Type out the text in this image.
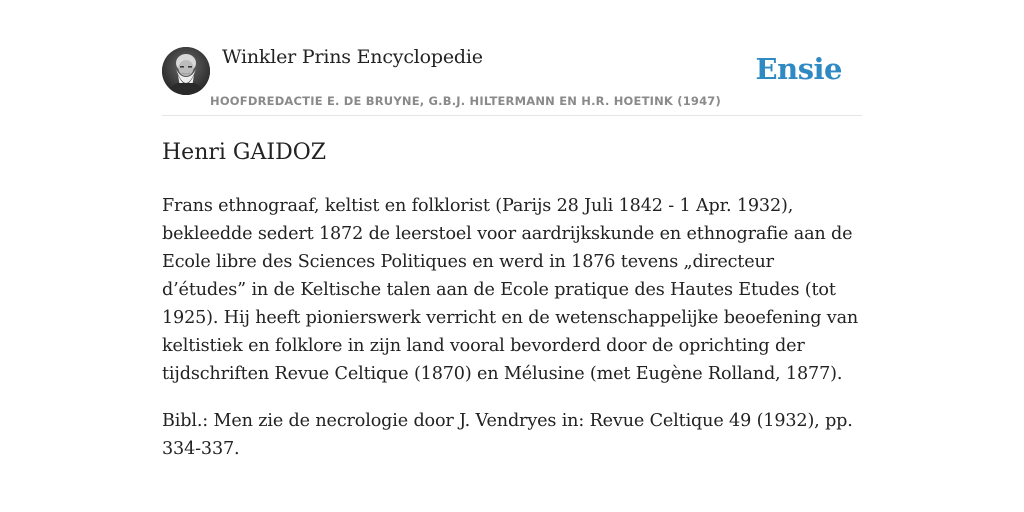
Winkler Prins Encyclopedie
HOOFDREDACTIE E. DE BRUYNE, G.B.J. HILTERMANN EN H.R. HOETINK (1947)
Ensie
Henri GAIDOZ

Frans ethnograaf, keltist en folklorist (Parijs 28 Juli 1842 - 1 Apr. 1932), bekleedde sedert 1872 de leerstoel voor aardrijkskunde en ethnografie aan de Ecole libre des Sciences Politiques en werd in 1876 tevens „directeur d’études” in de Keltische talen aan de Ecole pratique des Hautes Etudes (tot 1925). Hij heeft pionierswerk verricht en de wetenschappelijke beoefening van keltistiek en folklore in zijn land vooral bevorderd door de oprichting der tijdschriften Revue Celtique (1870) en Mélusine (met Eugène Rolland, 1877).

Bibl.: Men zie de necrologie door J. Vendryes in: Revue Celtique 49 (1932), pp. 334-337.
